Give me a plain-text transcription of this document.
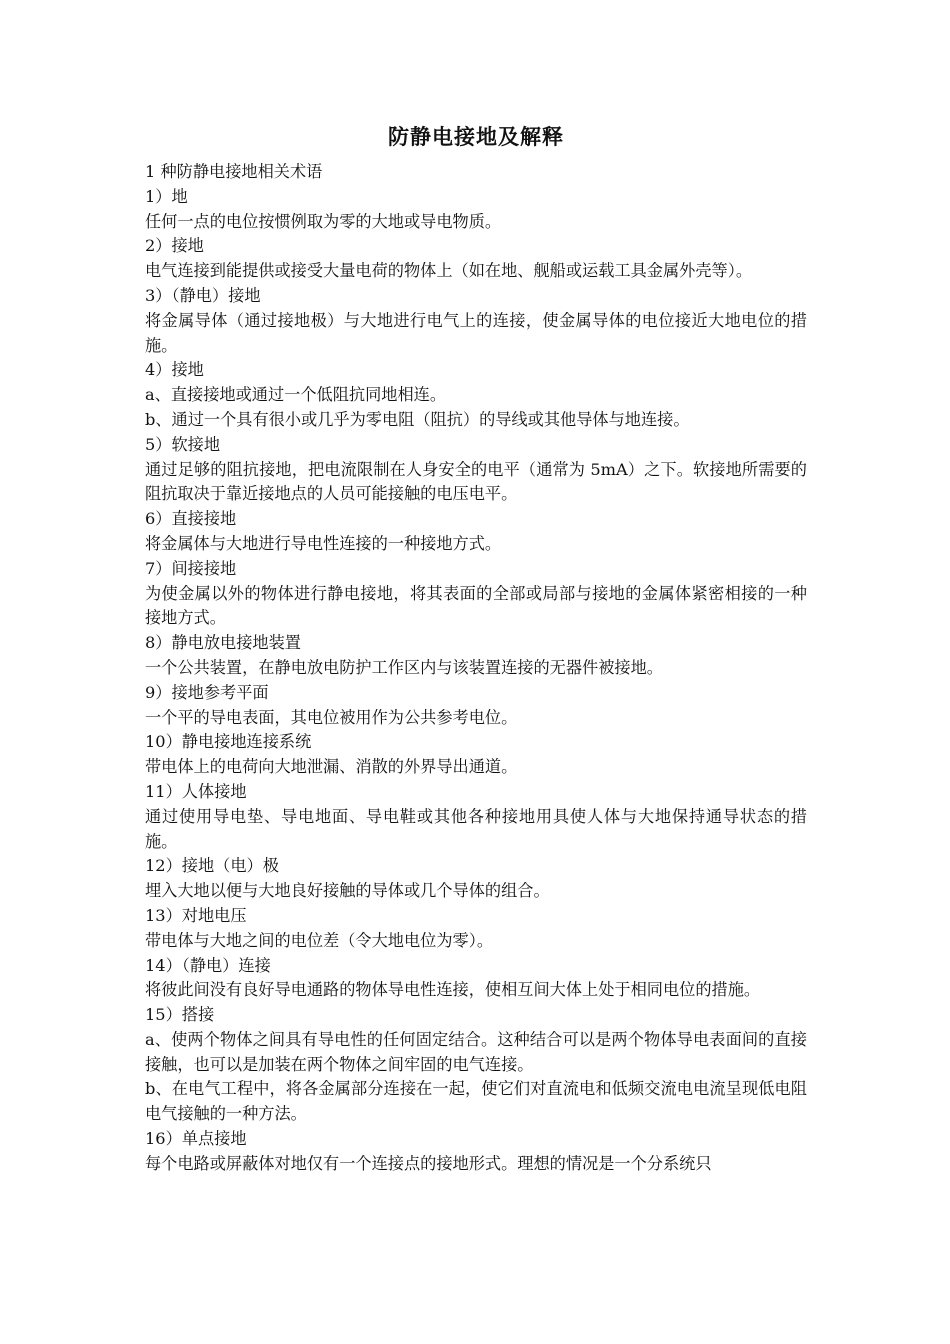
防静电接地及解释

1 种防静电接地相关术语

1）地

任何一点的电位按惯例取为零的大地或导电物质。

2）接地

电气连接到能提供或接受大量电荷的物体上（如在地、舰船或运载工具金属外壳等）。

3）（静电）接地

将金属导体（通过接地极）与大地进行电气上的连接，使金属导体的电位接近大地电位的措施。

4）接地

a、直接接地或通过一个低阻抗同地相连。

b、通过一个具有很小或几乎为零电阻（阻抗）的导线或其他导体与地连接。

5）软接地

通过足够的阻抗接地，把电流限制在人身安全的电平（通常为 5mA）之下。软接地所需要的阻抗取决于靠近接地点的人员可能接触的电压电平。

6）直接接地

将金属体与大地进行导电性连接的一种接地方式。

7）间接接地

为使金属以外的物体进行静电接地，将其表面的全部或局部与接地的金属体紧密相接的一种接地方式。

8）静电放电接地装置

一个公共装置，在静电放电防护工作区内与该装置连接的无器件被接地。

9）接地参考平面

一个平的导电表面，其电位被用作为公共参考电位。

10）静电接地连接系统

带电体上的电荷向大地泄漏、消散的外界导出通道。

11）人体接地

通过使用导电垫、导电地面、导电鞋或其他各种接地用具使人体与大地保持通导状态的措施。

12）接地（电）极

埋入大地以便与大地良好接触的导体或几个导体的组合。

13）对地电压

带电体与大地之间的电位差（令大地电位为零）。

14）（静电）连接

将彼此间没有良好导电通路的物体导电性连接，使相互间大体上处于相同电位的措施。

15）搭接

a、使两个物体之间具有导电性的任何固定结合。这种结合可以是两个物体导电表面间的直接接触，也可以是加装在两个物体之间牢固的电气连接。

b、在电气工程中，将各金属部分连接在一起，使它们对直流电和低频交流电电流呈现低电阻电气接触的一种方法。

16）单点接地

每个电路或屏蔽体对地仅有一个连接点的接地形式。理想的情况是一个分系统只
